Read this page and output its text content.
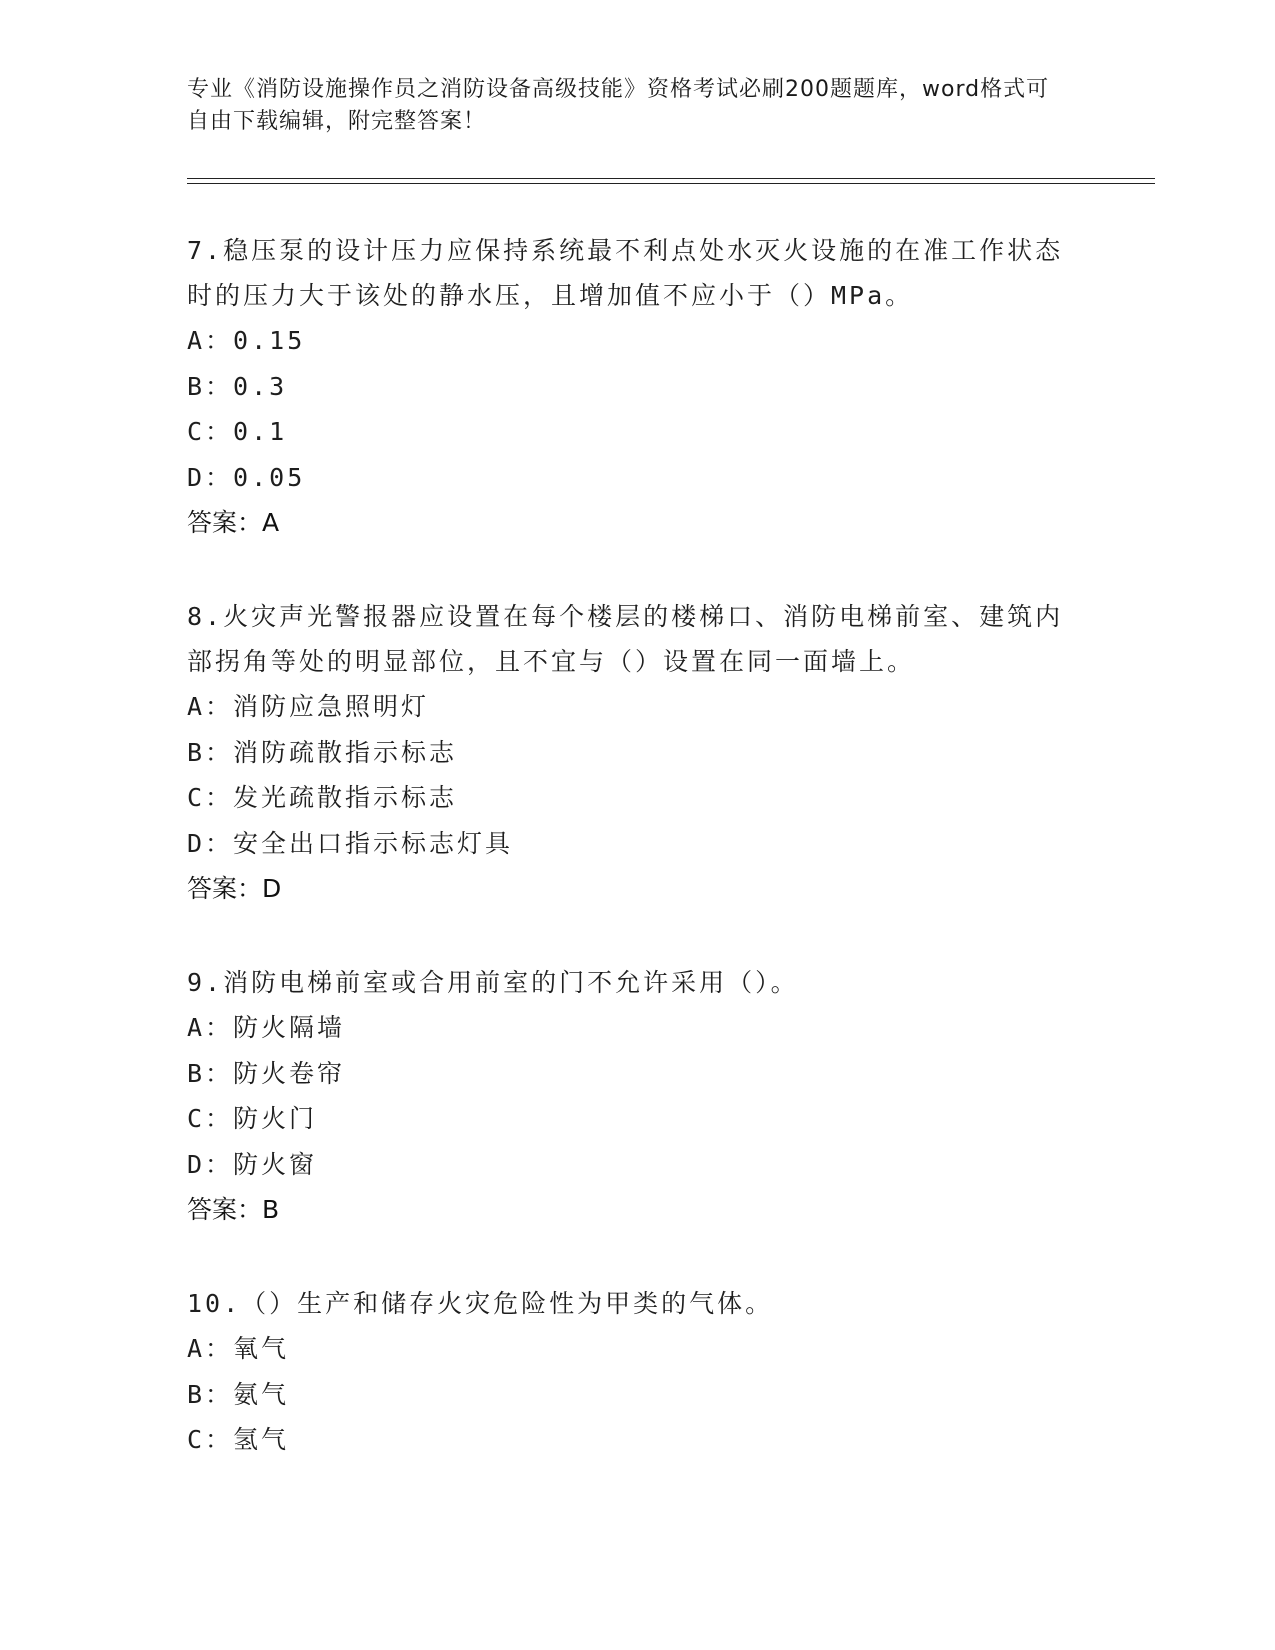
专业《消防设施操作员之消防设备高级技能》资格考试必刷200题题库，word格式可自由下载编辑，附完整答案！
7.稳压泵的设计压力应保持系统最不利点处水灭火设施的在准工作状态时的压力大于该处的静水压，且增加值不应小于（）MPa。
A：0.15
B：0.3
C：0.1
D：0.05
答案：A
8.火灾声光警报器应设置在每个楼层的楼梯口、消防电梯前室、建筑内部拐角等处的明显部位，且不宜与（）设置在同一面墙上。
A：消防应急照明灯
B：消防疏散指示标志
C：发光疏散指示标志
D：安全出口指示标志灯具
答案：D
9.消防电梯前室或合用前室的门不允许采用（）。
A：防火隔墙
B：防火卷帘
C：防火门
D：防火窗
答案：B
10.（）生产和储存火灾危险性为甲类的气体。
A：氧气
B：氨气
C：氢气
